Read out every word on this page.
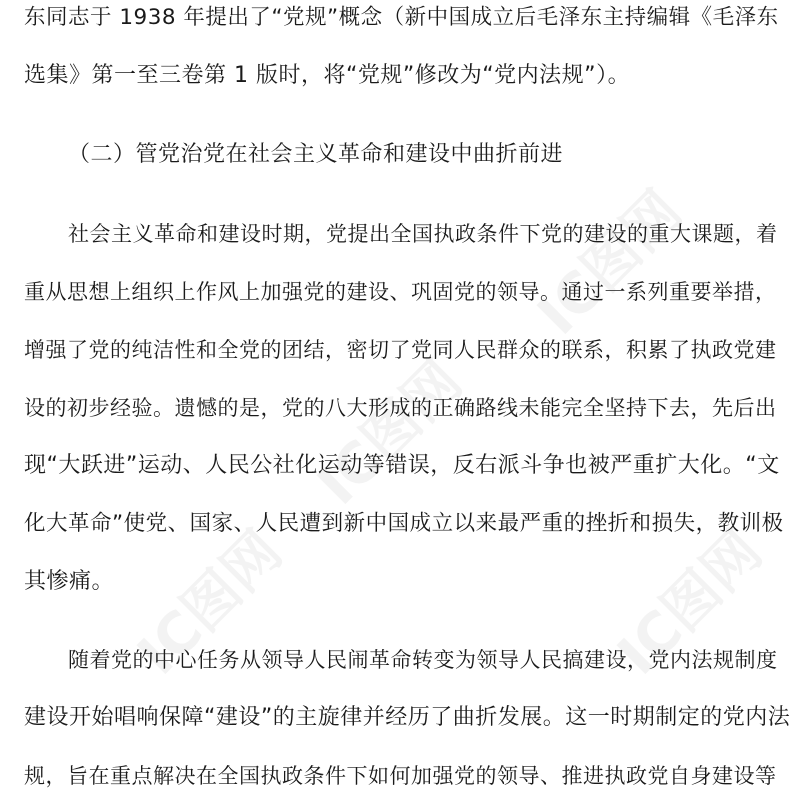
IC图网
IC图网
IC图网	IC图网
东同志于 1938 年提出了“党规”概念（新中国成立后毛泽东主持编辑《毛泽东
选集》第一至三卷第 1 版时，将“党规”修改为“党内法规”）。
（二）管党治党在社会主义革命和建设中曲折前进
社会主义革命和建设时期，党提出全国执政条件下党的建设的重大课题，着
重从思想上组织上作风上加强党的建设、巩固党的领导。通过一系列重要举措，
增强了党的纯洁性和全党的团结，密切了党同人民群众的联系，积累了执政党建
设的初步经验。遗憾的是，党的八大形成的正确路线未能完全坚持下去，先后出
现“大跃进”运动、人民公社化运动等错误，反右派斗争也被严重扩大化。“文
化大革命”使党、国家、人民遭到新中国成立以来最严重的挫折和损失，教训极
其惨痛。
随着党的中心任务从领导人民闹革命转变为领导人民搞建设，党内法规制度
建设开始唱响保障“建设”的主旋律并经历了曲折发展。这一时期制定的党内法
规，旨在重点解决在全国执政条件下如何加强党的领导、推进执政党自身建设等
